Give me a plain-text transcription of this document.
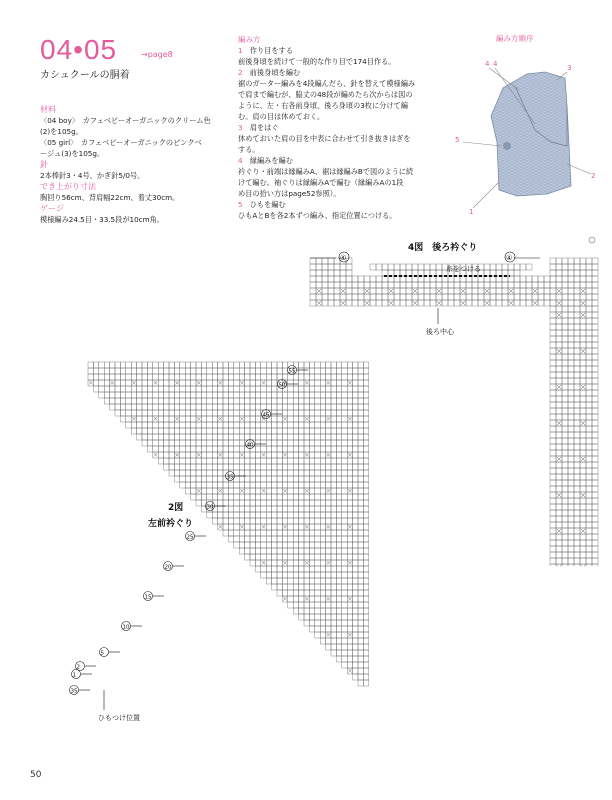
04•05	→page8
カシュクールの胴着
材料
〈04 boy〉　カフェベビーオーガニックのクリーム色
(2)を105g。
〈05 girl〉　カフェベビーオーガニックのピンクベ
ージュ(3)を105g。
針
2本棒針3・4号、かぎ針5/0号。
でき上がり寸法
胸回り56cm、背肩幅22cm、着丈30cm。
ゲージ
模様編み24.5目・33.5段が10cm角。
編み方
1　 作り目をする
前後身頃を続けて一般的な作り目で174目作る。
2　 前後身頃を編む
裾のガーター編みを4段編んだら、針を替えて模様編み
で肩まで編むが、脇丈の48段が編めたら次からは図の
ように、左・右各前身頃、後ろ身頃の3枚に分けて編
む。肩の目は休めておく。
3　 肩をはぐ
休めておいた肩の目を中表に合わせて引き抜きはぎを
する。
4　 縁編みを編む
衿ぐり・前端は縁編みA、裾は縁編みBで図のように続
けて編む。袖ぐりは縁編みAで編む（縁編みAの1段
め目の拾い方はpage52参照）。
5　 ひもを編む
ひもAとBを各2本ずつ編み、指定位置につける。
編み方順序
4 4	3
2
5
1
4図　後ろ衿ぐり
糸をつける
後ろ中心
④	④
2図
左前衿ぐり
ひもつけ位置
55
50
45
40
35
30
25
20
15
10
5
2
1
35
50
